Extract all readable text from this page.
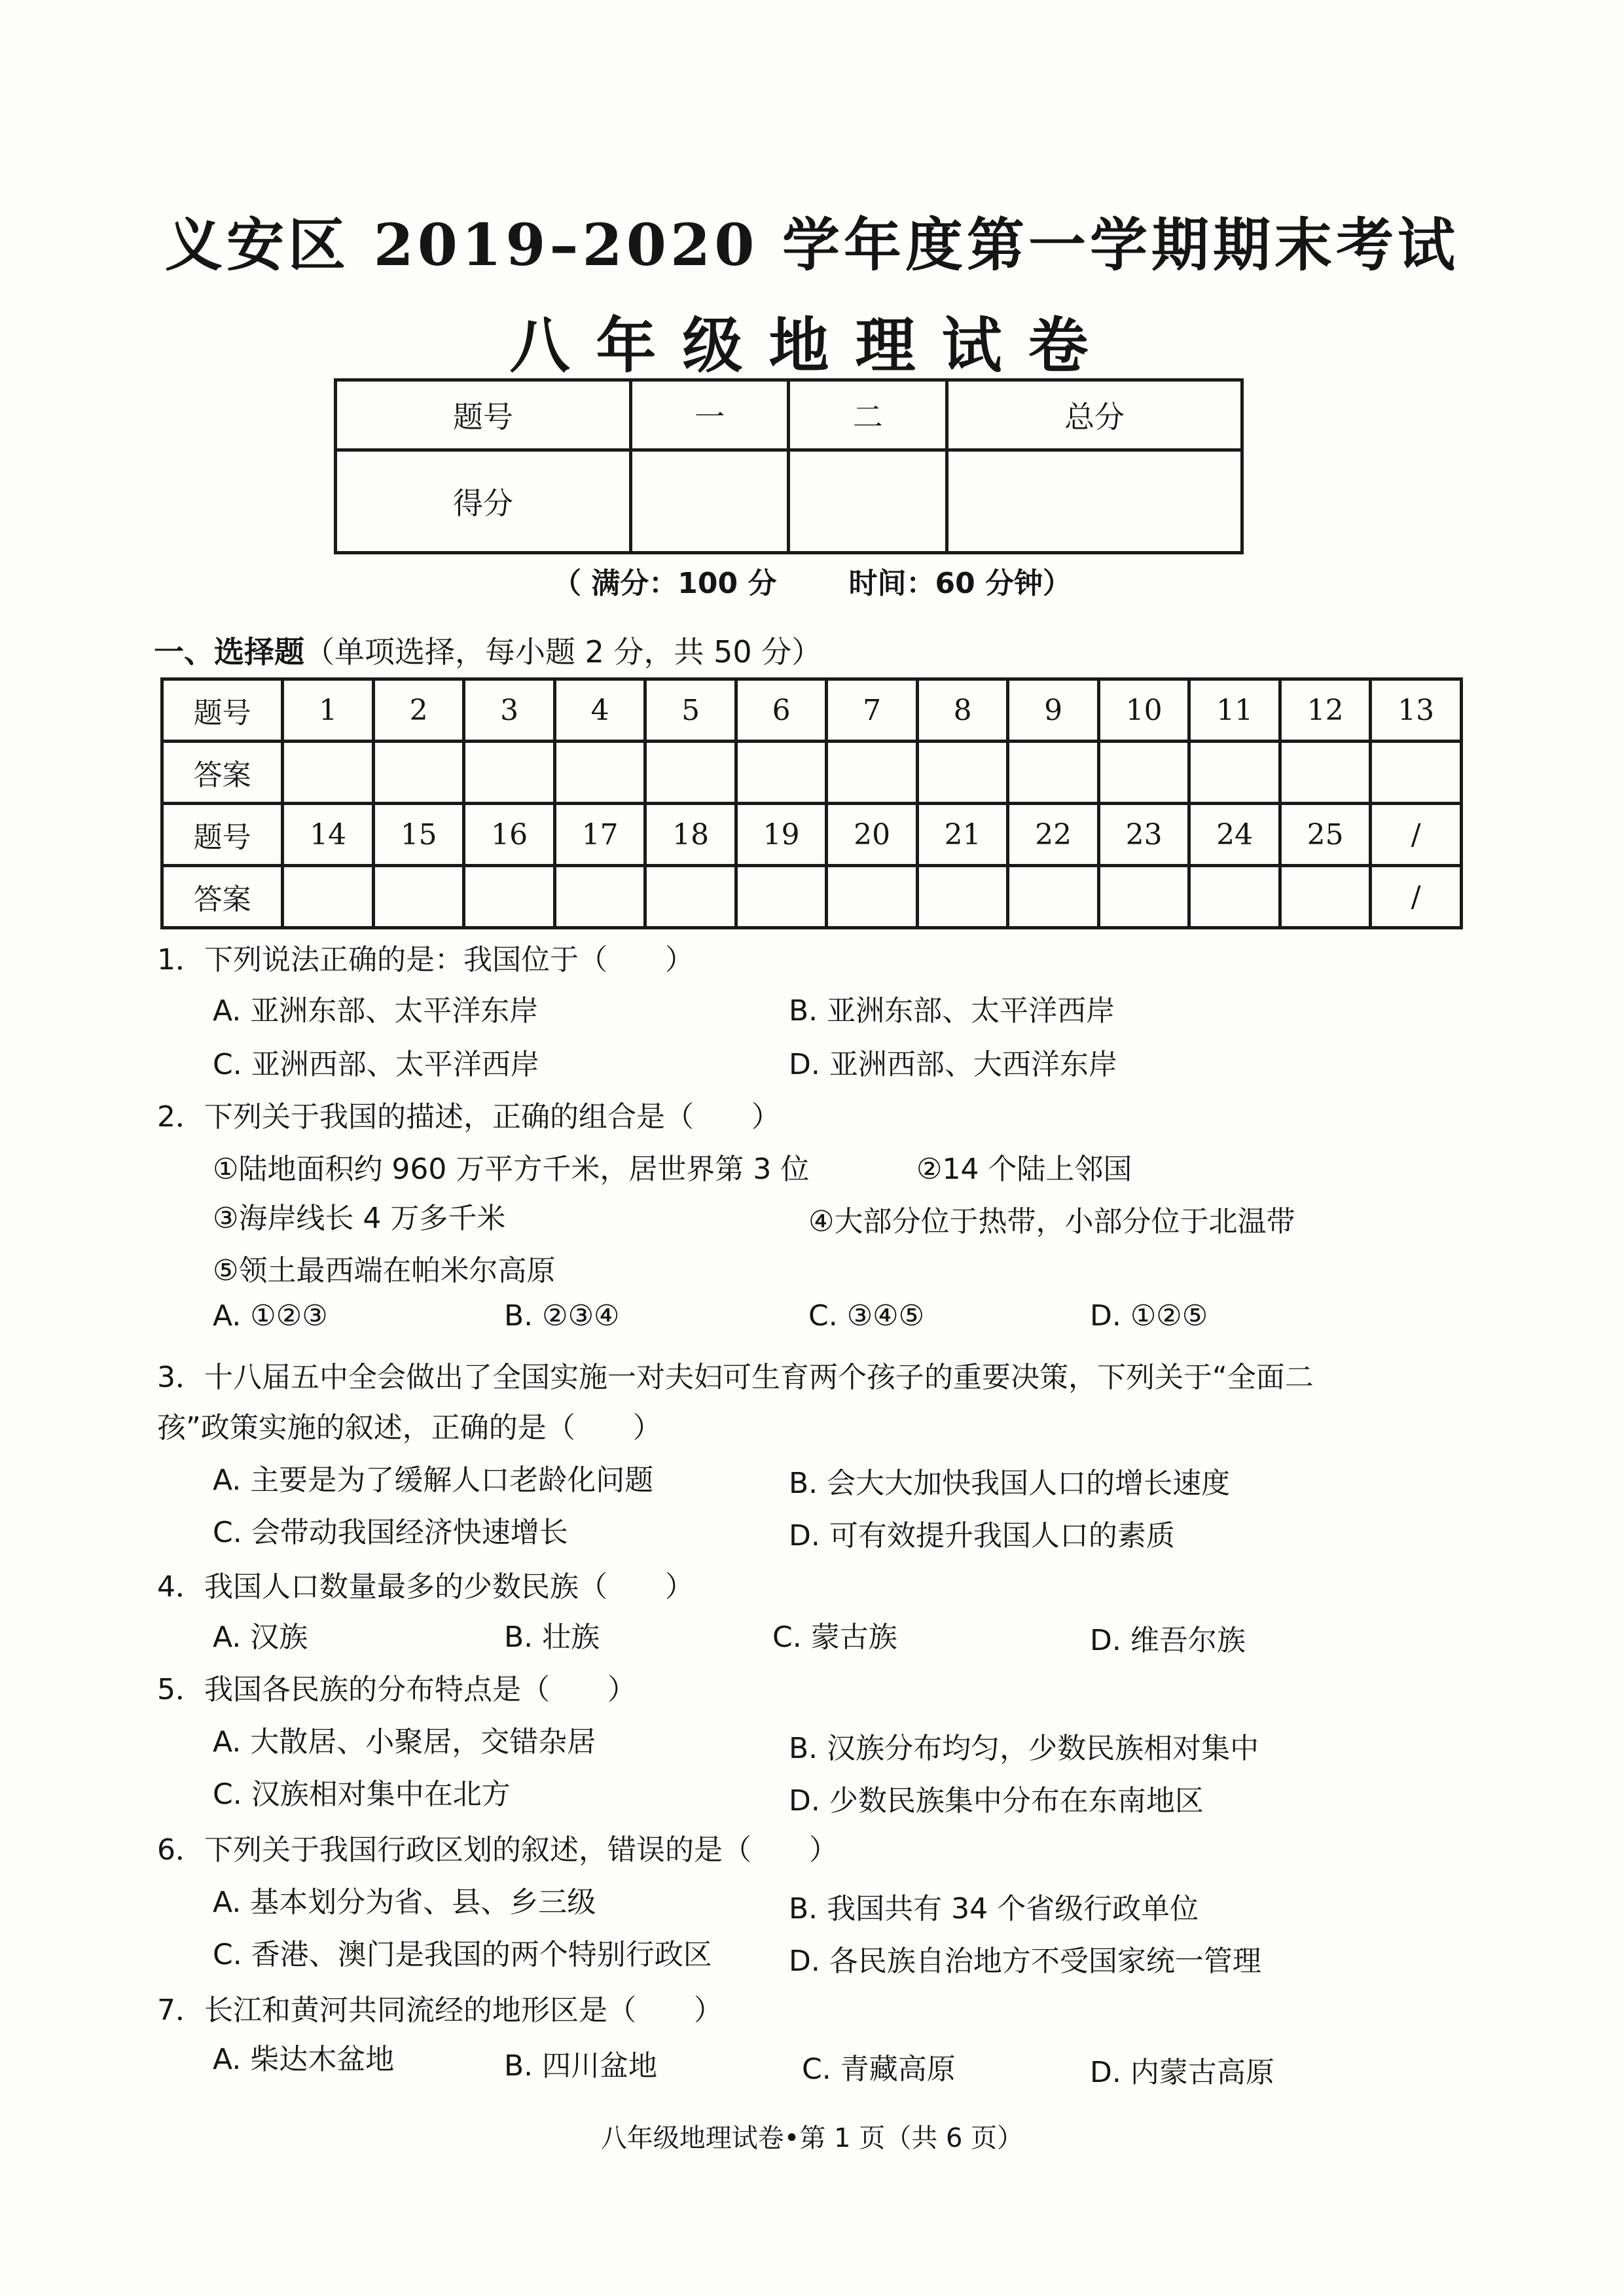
义安区 2019–2020 学年度第一学期期末考试
八年级地理试卷
题号	一	二	总分
得分			
（ 满分：100 分	时间：60 分钟）
一、选择题（单项选择，每小题 2 分，共 50 分）
题号	1	2	3	4	5	6	7	8	9	10	11	12	13
答案													
题号	14	15	16	17	18	19	20	21	22	23	24	25	/
答案													/
1．下列说法正确的是：我国位于（　　）
A. 亚洲东部、太平洋东岸	B. 亚洲东部、太平洋西岸
C. 亚洲西部、太平洋西岸	D. 亚洲西部、大西洋东岸
2．下列关于我国的描述，正确的组合是（　　）
①陆地面积约 960 万平方千米，居世界第 3 位	②14 个陆上邻国
③海岸线长 4 万多千米	④大部分位于热带，小部分位于北温带
⑤领土最西端在帕米尔高原
A. ①②③	B. ②③④	C. ③④⑤	D. ①②⑤
3．十八届五中全会做出了全国实施一对夫妇可生育两个孩子的重要决策，下列关于“全面二
孩”政策实施的叙述，正确的是（　　）
A. 主要是为了缓解人口老龄化问题	B. 会大大加快我国人口的增长速度
C. 会带动我国经济快速增长	D. 可有效提升我国人口的素质
4．我国人口数量最多的少数民族（　　）
A. 汉族	B. 壮族	C. 蒙古族	D. 维吾尔族
5．我国各民族的分布特点是（　　）
A. 大散居、小聚居，交错杂居	B. 汉族分布均匀，少数民族相对集中
C. 汉族相对集中在北方	D. 少数民族集中分布在东南地区
6．下列关于我国行政区划的叙述，错误的是（　　）
A. 基本划分为省、县、乡三级	B. 我国共有 34 个省级行政单位
C. 香港、澳门是我国的两个特别行政区	D. 各民族自治地方不受国家统一管理
7．长江和黄河共同流经的地形区是（　　）
A. 柴达木盆地	B. 四川盆地	C. 青藏高原	D. 内蒙古高原
八年级地理试卷•第 1 页（共 6 页）
